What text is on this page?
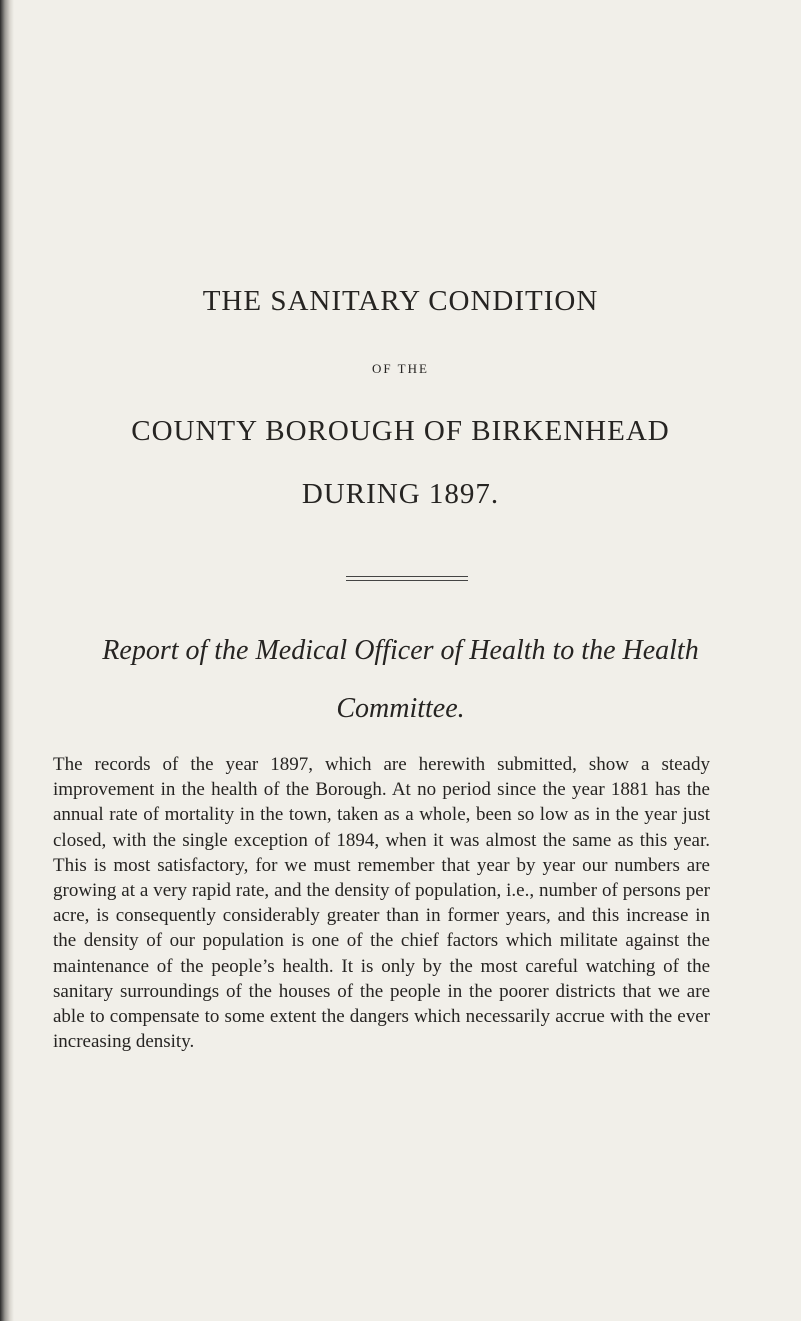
THE SANITARY CONDITION
OF THE
COUNTY BOROUGH OF BIRKENHEAD
DURING 1897.
Report of the Medical Officer of Health to the Health Committee.
The records of the year 1897, which are herewith submitted, show a steady improvement in the health of the Borough. At no period since the year 1881 has the annual rate of mortality in the town, taken as a whole, been so low as in the year just closed, with the single exception of 1894, when it was almost the same as this year. This is most satisfactory, for we must remember that year by year our numbers are growing at a very rapid rate, and the density of population, i.e., number of persons per acre, is consequently considerably greater than in former years, and this increase in the density of our population is one of the chief factors which militate against the maintenance of the people’s health. It is only by the most careful watching of the sanitary surroundings of the houses of the people in the poorer districts that we are able to compensate to some extent the dangers which necessarily accrue with the ever increasing density.
